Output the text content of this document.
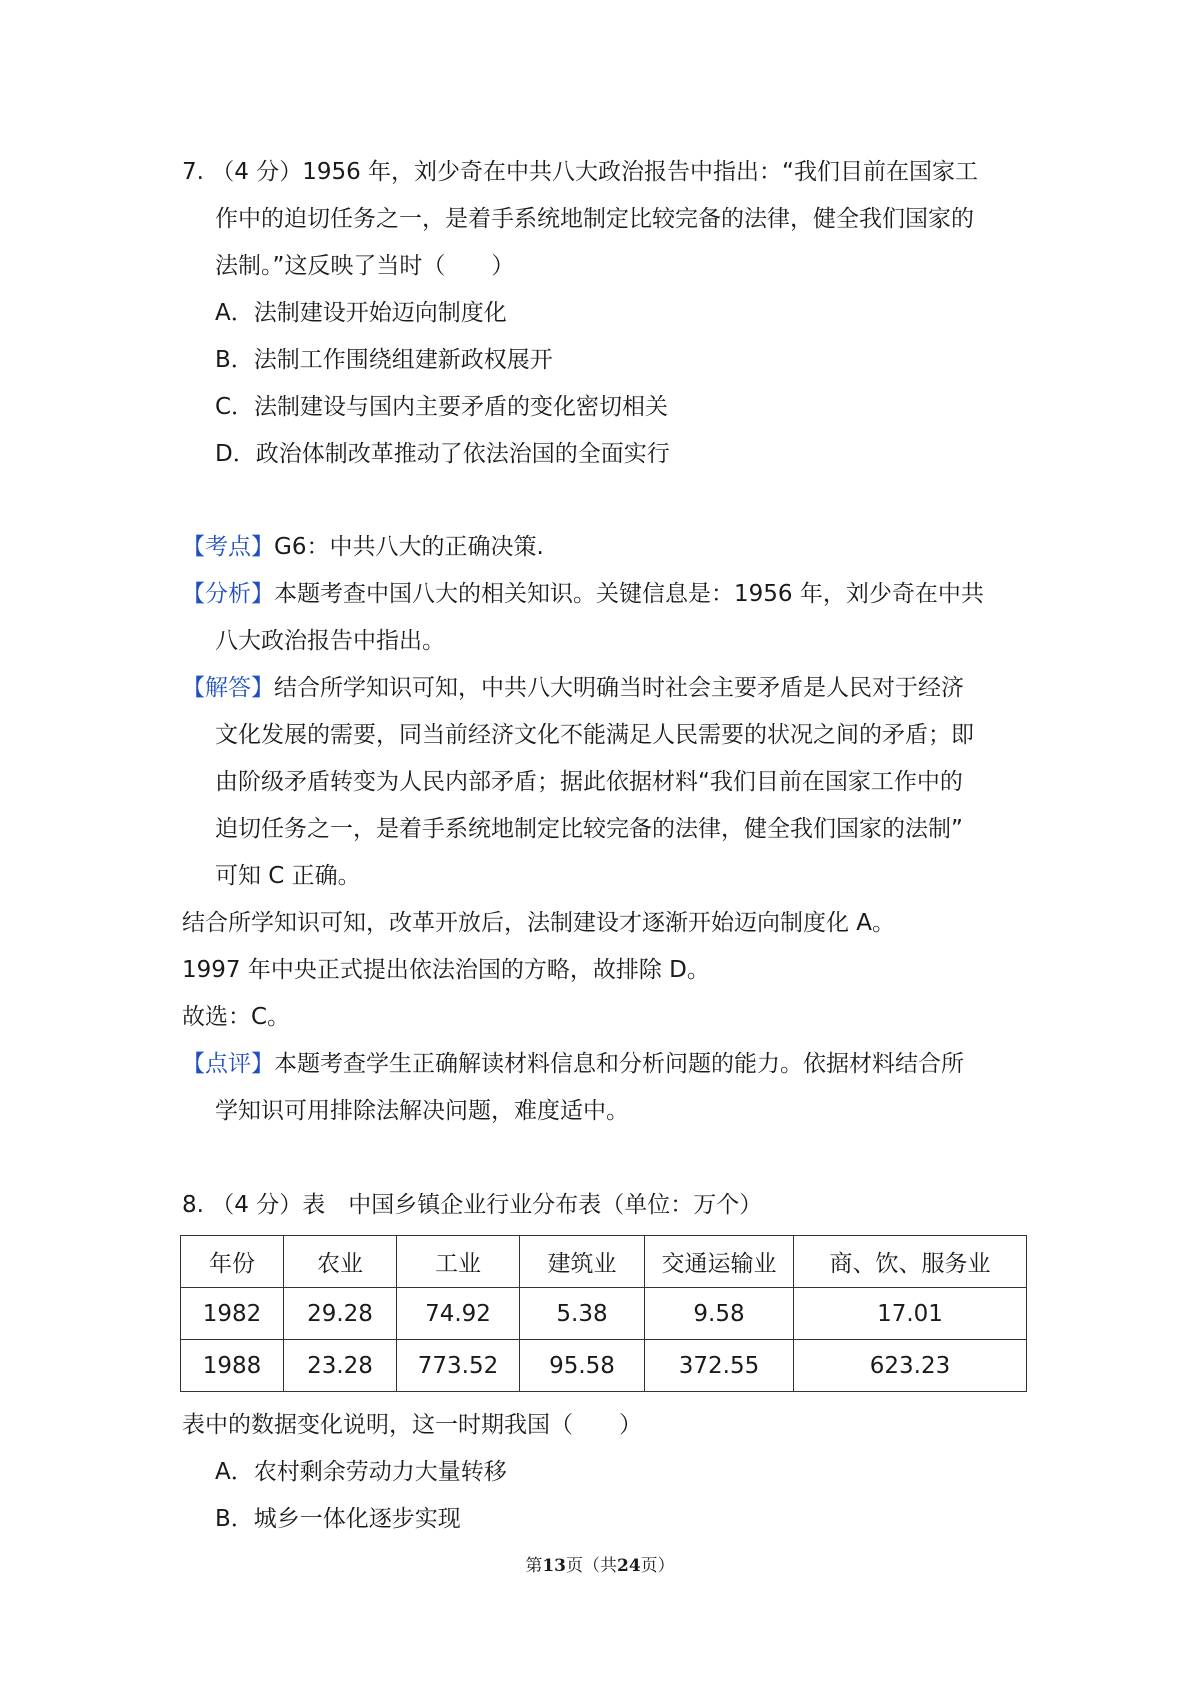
7. （4 分）1956 年，刘少奇在中共八大政治报告中指出：“我们目前在国家工
作中的迫切任务之一，是着手系统地制定比较完备的法律，健全我们国家的
法制。”这反映了当时（　　）
A．法制建设开始迈向制度化
B．法制工作围绕组建新政权展开
C．法制建设与国内主要矛盾的变化密切相关
D．政治体制改革推动了依法治国的全面实行
【考点】G6：中共八大的正确决策.
【分析】本题考查中国八大的相关知识。关键信息是：1956 年，刘少奇在中共
八大政治报告中指出。
【解答】结合所学知识可知，中共八大明确当时社会主要矛盾是人民对于经济
文化发展的需要，同当前经济文化不能满足人民需要的状况之间的矛盾；即
由阶级矛盾转变为人民内部矛盾；据此依据材料“我们目前在国家工作中的
迫切任务之一，是着手系统地制定比较完备的法律，健全我们国家的法制”
可知 C 正确。
结合所学知识可知，改革开放后，法制建设才逐渐开始迈向制度化 A。
1997 年中央正式提出依法治国的方略，故排除 D。
故选：C。
【点评】本题考查学生正确解读材料信息和分析问题的能力。依据材料结合所
学知识可用排除法解决问题，难度适中。
8. （4 分）表　中国乡镇企业行业分布表（单位：万个）
年份	农业	工业	建筑业	交通运输业	商、饮、服务业
1982	29.28	74.92	5.38	9.58	17.01
1988	23.28	773.52	95.58	372.55	623.23
表中的数据变化说明，这一时期我国（　　）
A．农村剩余劳动力大量转移
B．城乡一体化逐步实现
第13页（共24页）
